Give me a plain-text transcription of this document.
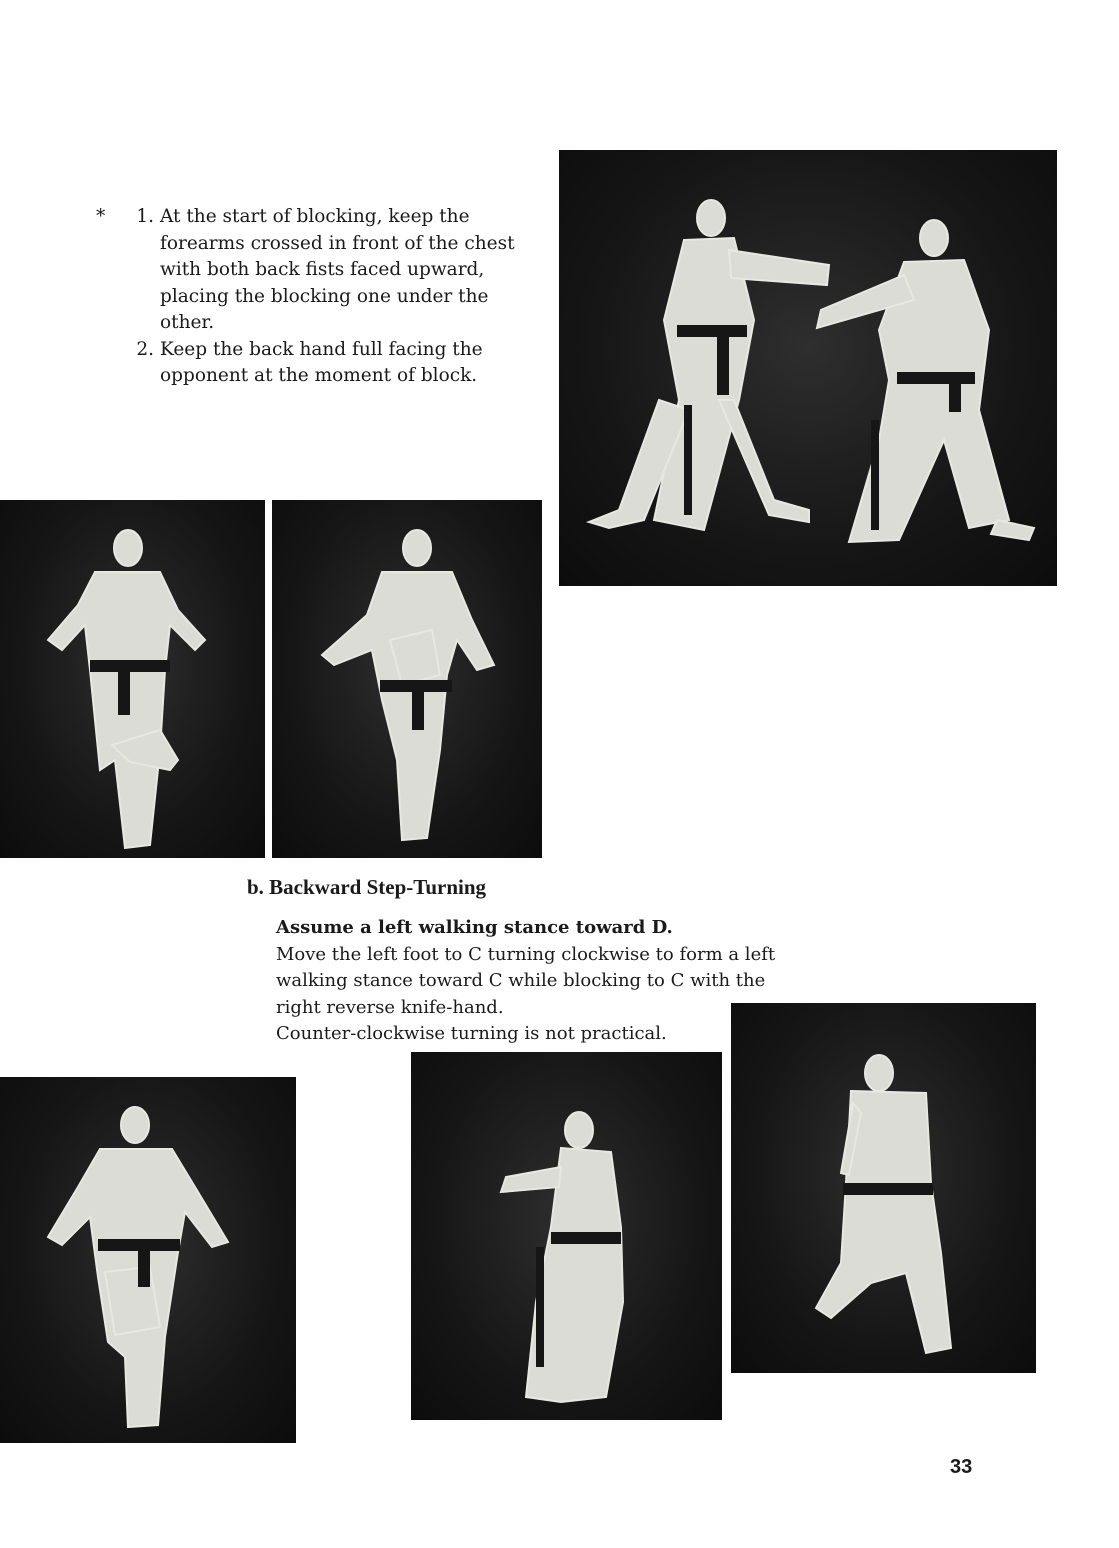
*	1. At the start of blocking, keep the forearms crossed in front of the chest with both back fists faced upward, placing the blocking one under the other.
2. Keep the back hand full facing the opponent at the moment of block.
b. Backward Step-Turning
Assume a left walking stance toward D.
Move the left foot to C turning clockwise to form a left
walking stance toward C while blocking to C with the
right reverse knife-hand.
Counter-clockwise turning is not practical.
33
